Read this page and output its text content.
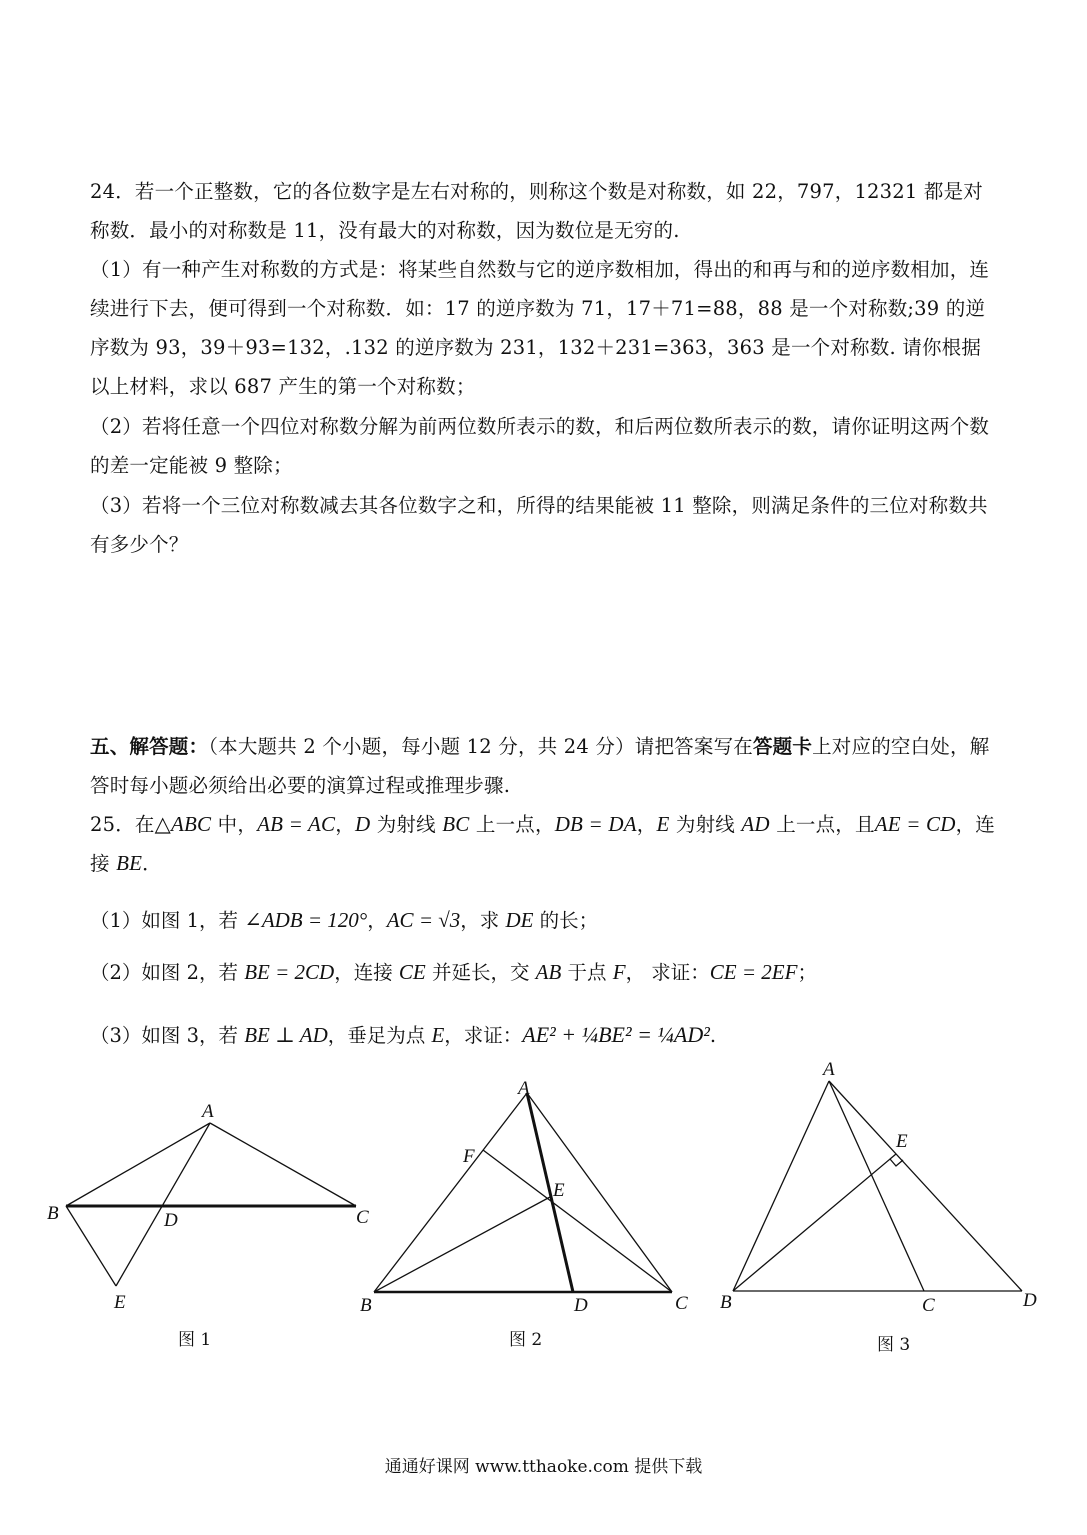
24．若一个正整数，它的各位数字是左右对称的，则称这个数是对称数，如 22，797，12321 都是对称数．最小的对称数是 11，没有最大的对称数，因为数位是无穷的.
（1）有一种产生对称数的方式是：将某些自然数与它的逆序数相加，得出的和再与和的逆序数相加，连续进行下去，便可得到一个对称数．如：17 的逆序数为 71，17＋71=88，88 是一个对称数;39 的逆序数为 93，39＋93=132，.132 的逆序数为 231，132＋231=363，363 是一个对称数. 请你根据以上材料，求以 687 产生的第一个对称数；
（2）若将任意一个四位对称数分解为前两位数所表示的数，和后两位数所表示的数，请你证明这两个数的差一定能被 9 整除；
（3）若将一个三位对称数减去其各位数字之和，所得的结果能被 11 整除，则满足条件的三位对称数共有多少个？
五、解答题：（本大题共 2 个小题，每小题 12 分，共 24 分）请把答案写在答题卡上对应的空白处，解答时每小题必须给出必要的演算过程或推理步骤.
25．在△ABC 中，AB = AC，D 为射线 BC 上一点，DB = DA，E 为射线 AD 上一点，且AE = CD，连接 BE．
（1）如图 1，若 ∠ADB = 120°，AC = √3，求 DE 的长；
（2）如图 2，若 BE = 2CD，连接 CE 并延长，交 AB 于点 F， 求证：CE = 2EF；
（3）如图 3，若 BE ⊥ AD，垂足为点 E，求证：AE² + ¼BE² = ¼AD².
A
B	C
D
E
图 1
A
F
E
B	D	C
图 2
A
E
B	C	D
图 3
通通好课网 www.tthaoke.com 提供下载
